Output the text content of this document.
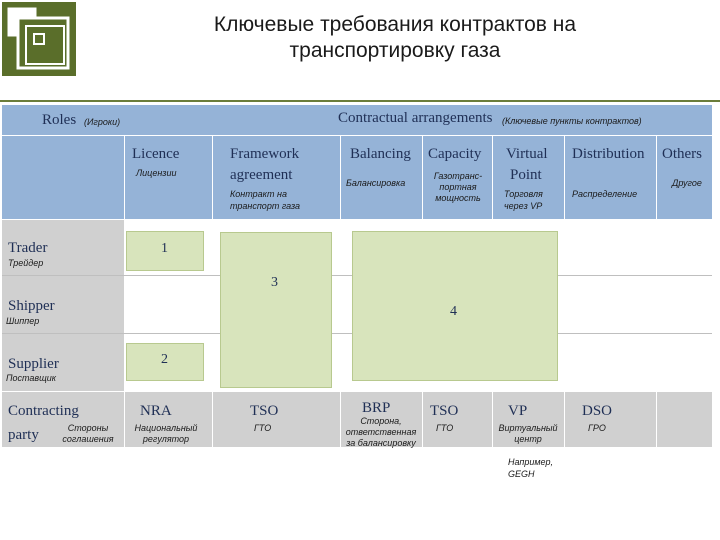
Ключевые требования контрактов на
транспортировку газа
Roles (Игроки)	Contractual arrangements (Ключевые пункты контрактов)
Licence
Лицензии
Framework
agreement
Контракт на
транспорт газа
Balancing
Балансировка
Capacity
Газотранс-
портная
мощность
Virtual
Point
Торговля
через VP
Distribution
Распределение
Others
Другое
Trader
Трейдер
Shipper
Шиппер
Supplier
Поставщик
1
2
3
4
Contracting
party	Стороны
соглашения
NRA
Национальный
регулятор
TSO
ГТО
BRP
Сторона,
ответственная
за балансировку
TSO
ГТО
VP
Виртуальный
центр
DSO
ГРО
Например,
GEGH
